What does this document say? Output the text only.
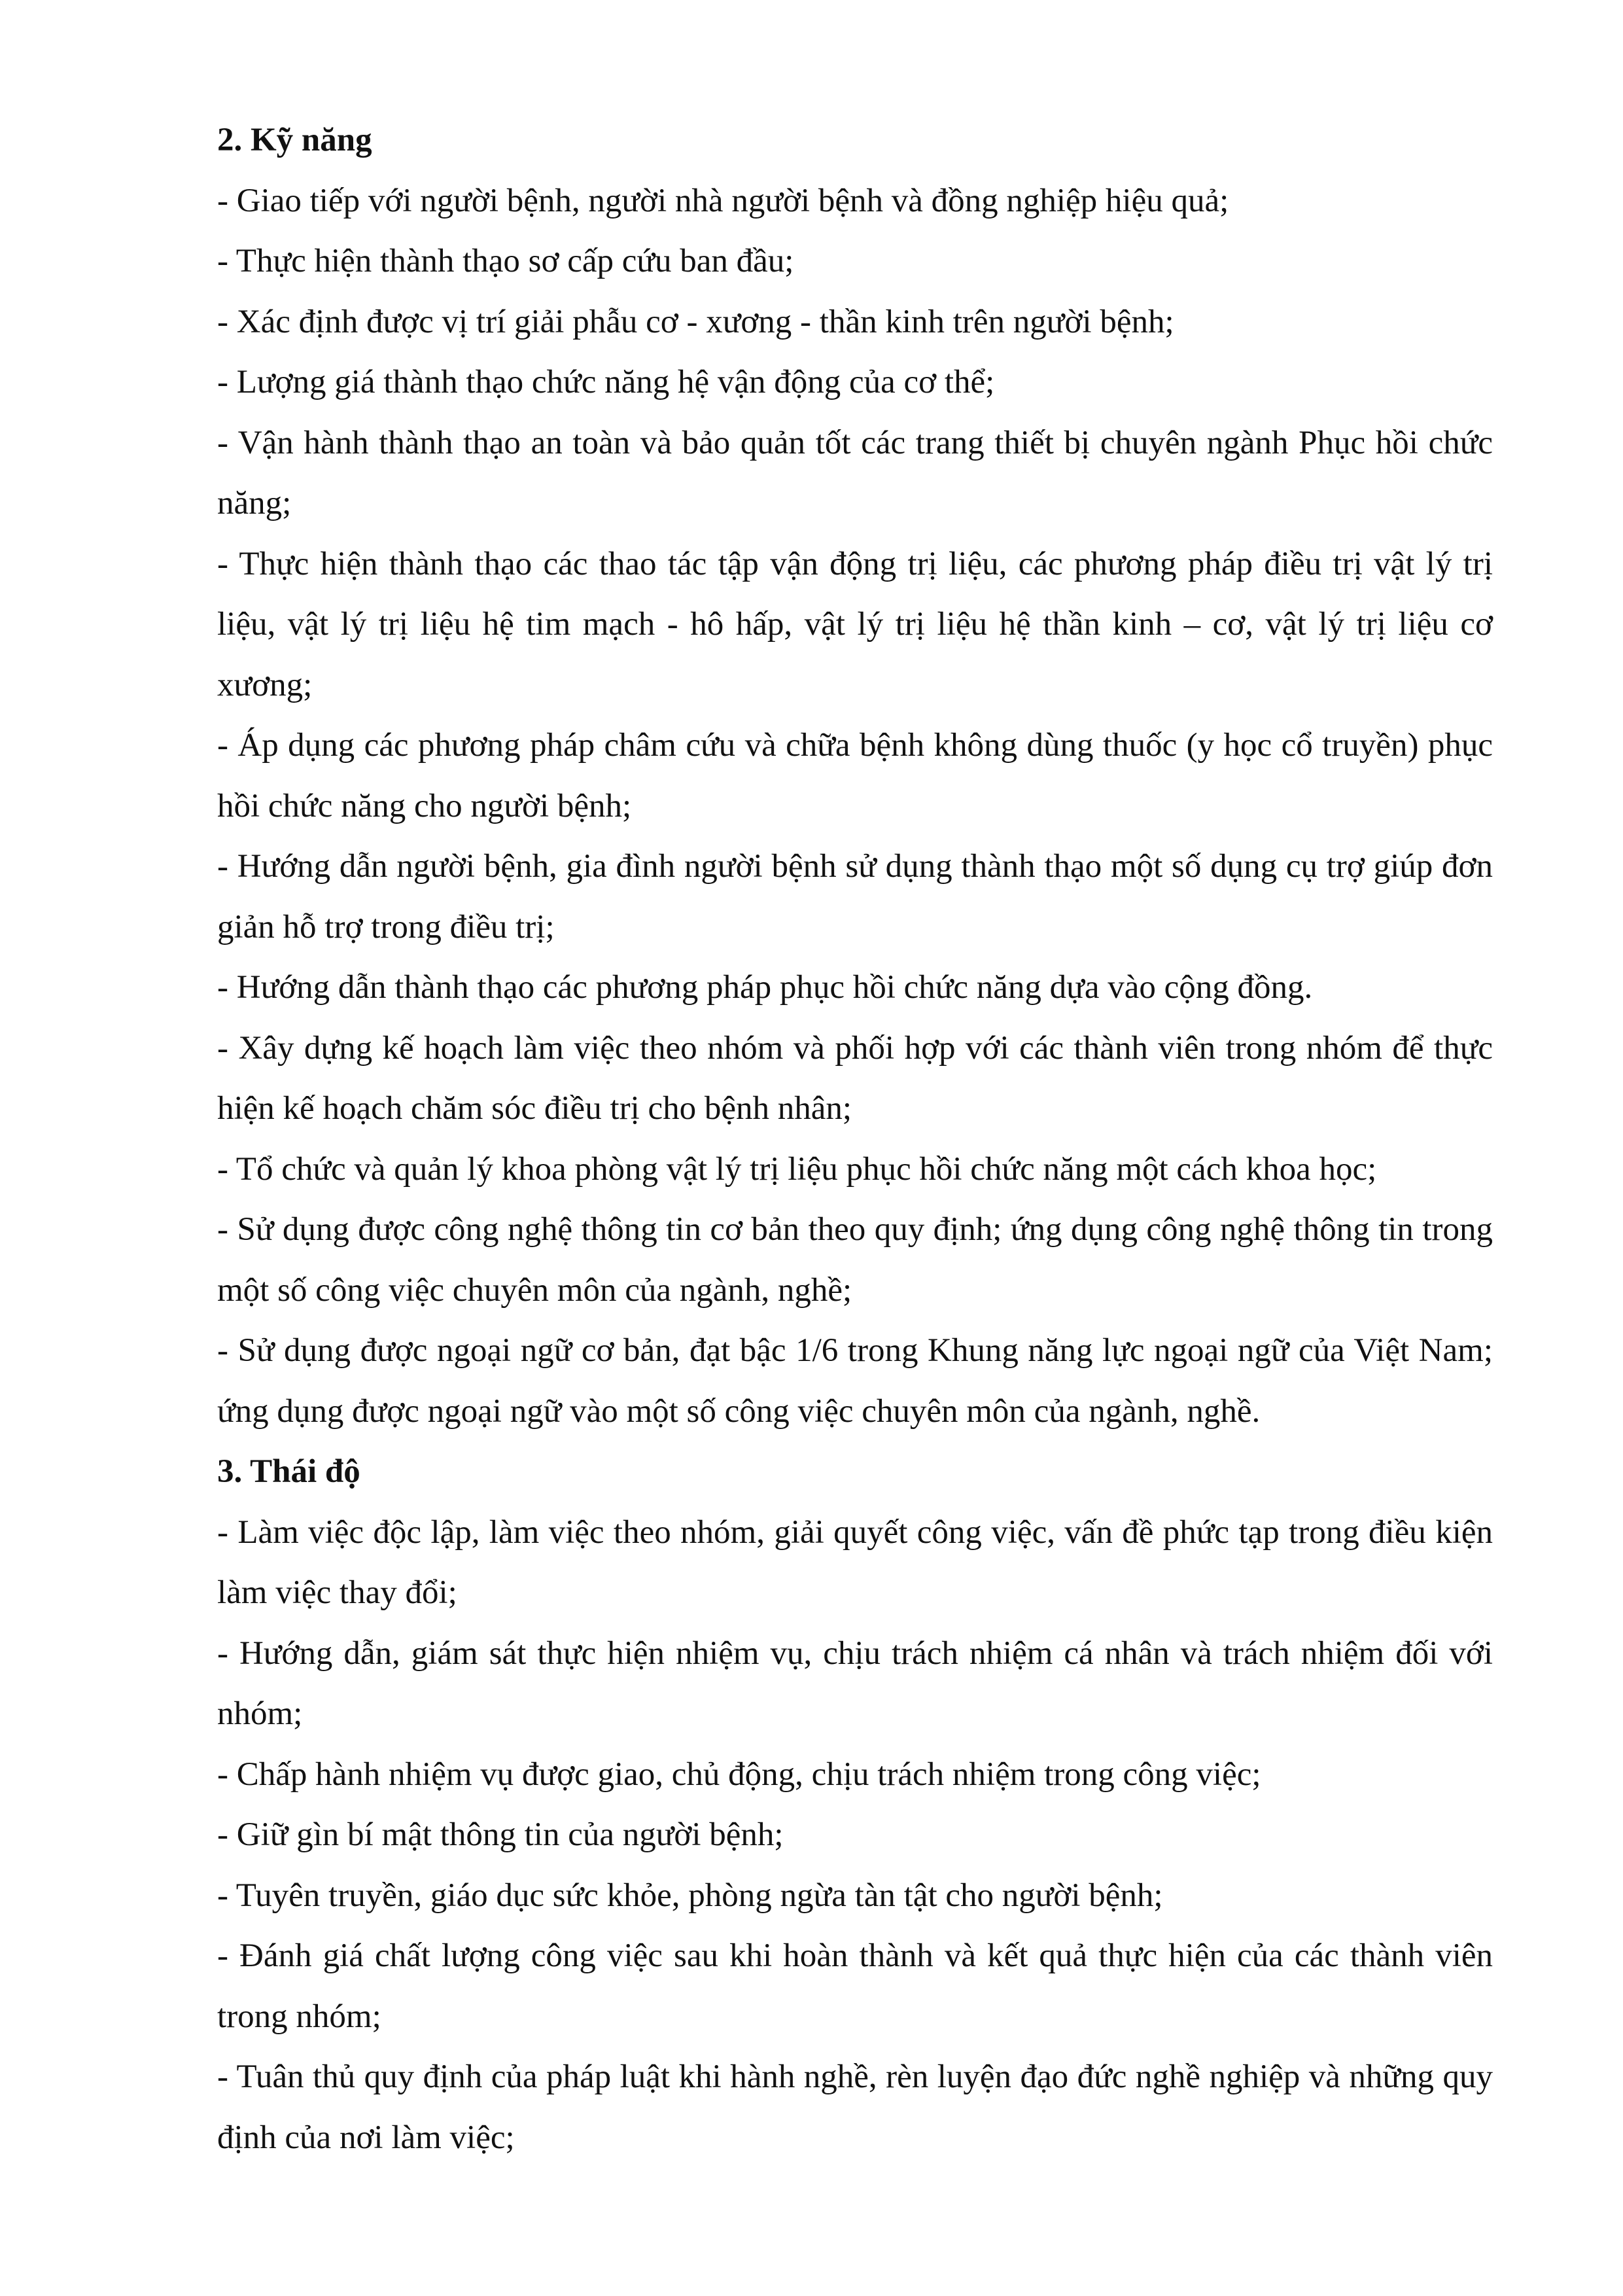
2. Kỹ năng

- Giao tiếp với người bệnh, người nhà người bệnh và đồng nghiệp hiệu quả;

- Thực hiện thành thạo sơ cấp cứu ban đầu;

- Xác định được vị trí giải phẫu cơ - xương - thần kinh trên người bệnh;

- Lượng giá thành thạo chức năng hệ vận động của cơ thể;

- Vận hành thành thạo an toàn và bảo quản tốt các trang thiết bị chuyên ngành Phục hồi chức năng;

- Thực hiện thành thạo các thao tác tập vận động trị liệu, các phương pháp điều trị vật lý trị liệu, vật lý trị liệu hệ tim mạch - hô hấp, vật lý trị liệu hệ thần kinh – cơ, vật lý trị liệu cơ xương;

- Áp dụng các phương pháp châm cứu và chữa bệnh không dùng thuốc (y học cổ truyền) phục hồi chức năng cho người bệnh;

- Hướng dẫn người bệnh, gia đình người bệnh sử dụng thành thạo một số dụng cụ trợ giúp đơn giản hỗ trợ trong điều trị;

- Hướng dẫn thành thạo các phương pháp phục hồi chức năng dựa vào cộng đồng.

- Xây dựng kế hoạch làm việc theo nhóm và phối hợp với các thành viên trong nhóm để thực hiện kế hoạch chăm sóc điều trị cho bệnh nhân;

- Tổ chức và quản lý khoa phòng vật lý trị liệu phục hồi chức năng một cách khoa học;

- Sử dụng được công nghệ thông tin cơ bản theo quy định; ứng dụng công nghệ thông tin trong một số công việc chuyên môn của ngành, nghề;

- Sử dụng được ngoại ngữ cơ bản, đạt bậc 1/6 trong Khung năng lực ngoại ngữ của Việt Nam; ứng dụng được ngoại ngữ vào một số công việc chuyên môn của ngành, nghề.

3. Thái độ

- Làm việc độc lập, làm việc theo nhóm, giải quyết công việc, vấn đề phức tạp trong điều kiện làm việc thay đổi;

- Hướng dẫn, giám sát thực hiện nhiệm vụ, chịu trách nhiệm cá nhân và trách nhiệm đối với nhóm;

- Chấp hành nhiệm vụ được giao, chủ động, chịu trách nhiệm trong công việc;

- Giữ gìn bí mật thông tin của người bệnh;

- Tuyên truyền, giáo dục sức khỏe, phòng ngừa tàn tật cho người bệnh;

- Đánh giá chất lượng công việc sau khi hoàn thành và kết quả thực hiện của các thành viên trong nhóm;

- Tuân thủ quy định của pháp luật khi hành nghề, rèn luyện đạo đức nghề nghiệp và những quy định của nơi làm việc;
